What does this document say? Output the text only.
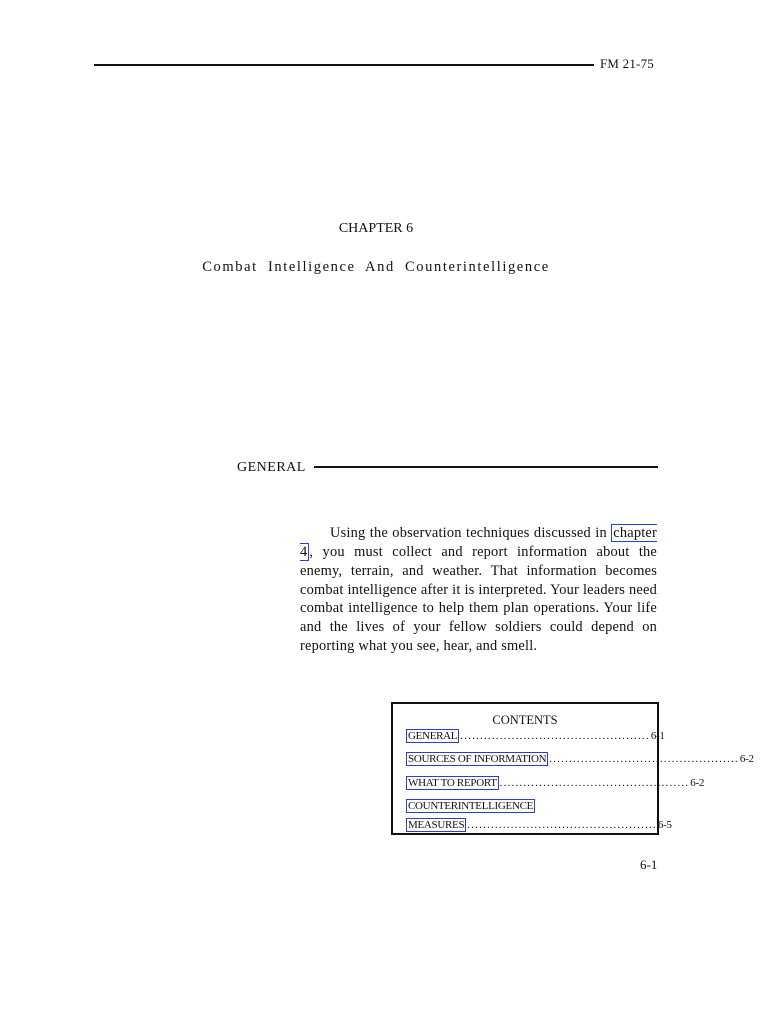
FM 21-75
CHAPTER 6
Combat Intelligence And Counterintelligence
GENERAL

Using the observation techniques discussed in chapter 4 , you must collect and report information about the enemy, terrain, and weather. That information becomes combat intelligence after it is interpreted. Your leaders need combat intelligence to help them plan operations. Your life and the lives of your fellow soldiers could depend on reporting what you see, hear, and smell.

CONTENTS
GENERAL ................................................ 6-1
SOURCES OF INFORMATION ................................................ 6-2
WHAT TO REPORT ................................................ 6-2
COUNTERINTELLIGENCE
MEASURES ................................................ 6-5
6-1
